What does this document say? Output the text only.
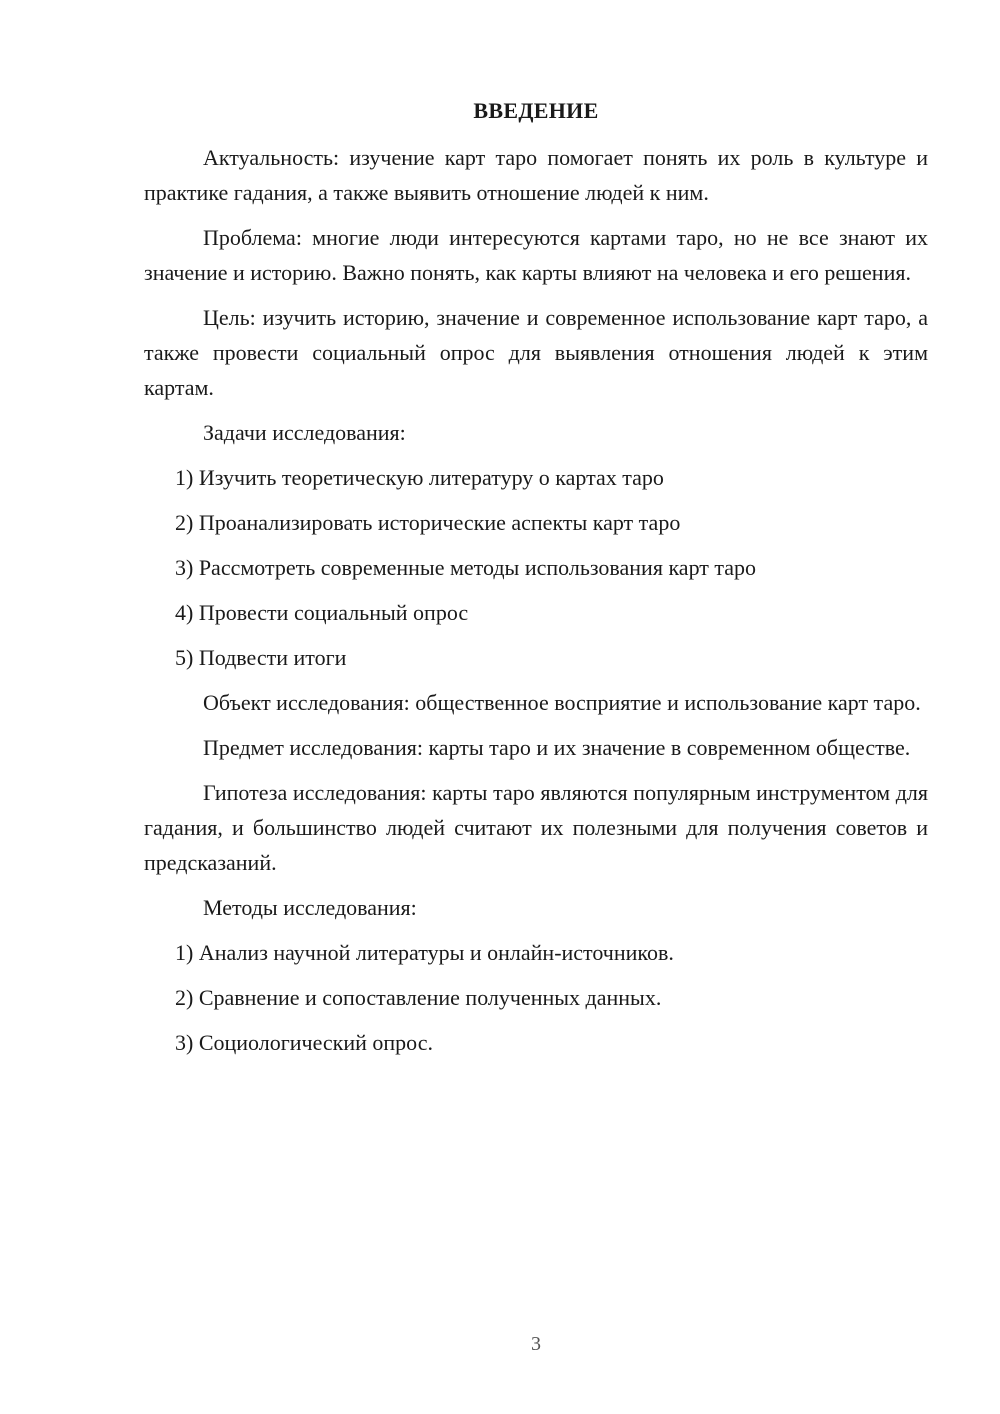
ВВЕДЕНИЕ

Актуальность: изучение карт таро помогает понять их роль в культуре и практике гадания, а также выявить отношение людей к ним.

Проблема: многие люди интересуются картами таро, но не все знают их значение и историю. Важно понять, как карты влияют на человека и его решения.

Цель: изучить историю, значение и современное использование карт таро, а также провести социальный опрос для выявления отношения людей к этим картам.

Задачи исследования:

1) Изучить теоретическую литературу о картах таро
2) Проанализировать исторические аспекты карт таро
3) Рассмотреть современные методы использования карт таро
4) Провести социальный опрос
5) Подвести итоги

Объект исследования: общественное восприятие и использование карт таро.

Предмет исследования: карты таро и их значение в современном обществе.

Гипотеза исследования: карты таро являются популярным инструментом для гадания, и большинство людей считают их полезными для получения советов и предсказаний.

Методы исследования:

1) Анализ научной литературы и онлайн-источников.
2) Сравнение и сопоставление полученных данных.
3) Социологический опрос.
3
